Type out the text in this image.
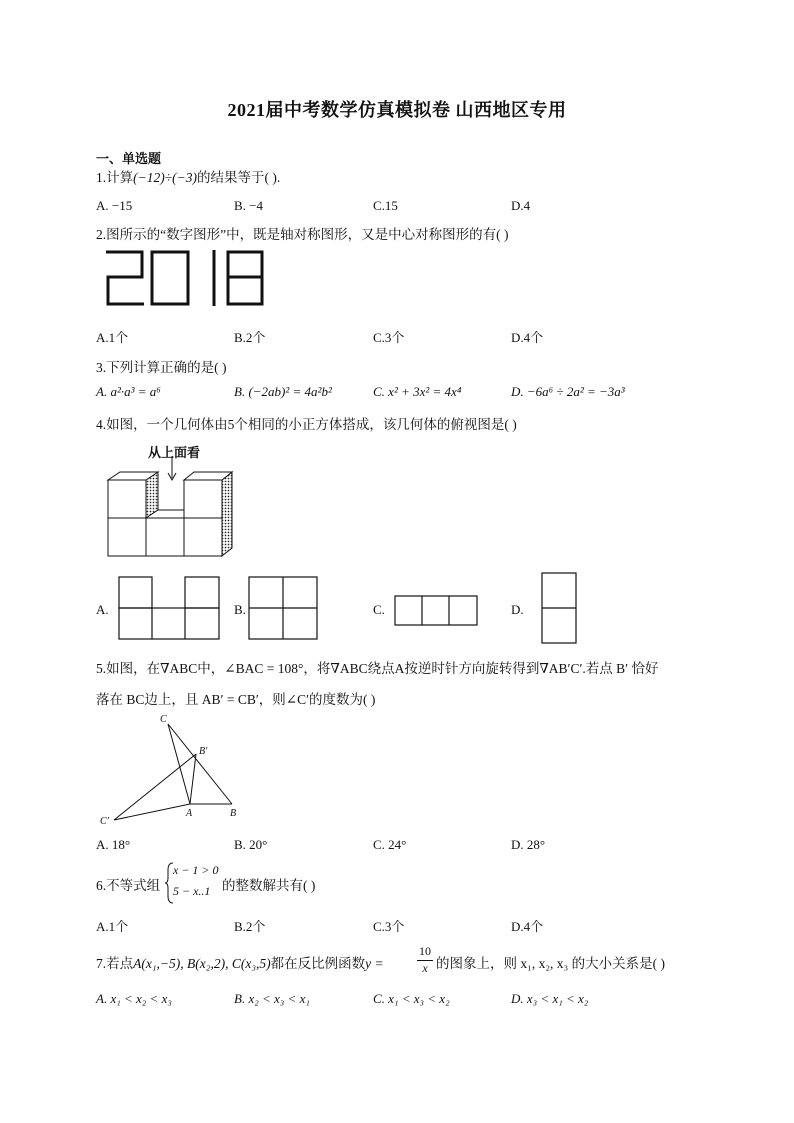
2021届中考数学仿真模拟卷 山西地区专用
一、单选题
1.计算(−12)÷(−3)的结果等于( ).
A. −15	B. −4	C.15	D.4
2.图所示的“数字图形”中，既是轴对称图形，又是中心对称图形的有( )
A.1个	B.2个	C.3个	D.4个
3.下列计算正确的是( )
A. a²·a³ = a⁶	B. (−2ab)² = 4a²b²	C. x² + 3x² = 4x⁴	D. −6a⁶ ÷ 2a² = −3a³
4.如图，一个几何体由5个相同的小正方体搭成，该几何体的俯视图是( )
从上面看
A.	B.	C.	D.
5.如图，在∇ABC中，∠BAC = 108°，将∇ABC绕点A按逆时针方向旋转得到∇AB′C′.若点 B′ 恰好
落在 BC边上，且 AB′ = CB′，则∠C′的度数为( )
C
B′
C′
A	B
A. 18°	B. 20°	C. 24°	D. 28°
6.不等式组
x − 1 > 0
5 − x..1 的整数解共有( )
A.1个	B.2个	C.3个	D.4个
7.若点A(x₁,−5), B(x₂,2), C(x₃,5)都在反比例函数y =
10
x 的图象上，则 x₁, x₂, x₃ 的大小关系是( )
A. x₁ < x₂ < x₃	B. x₂ < x₃ < x₁	C. x₁ < x₃ < x₂	D. x₃ < x₁ < x₂
